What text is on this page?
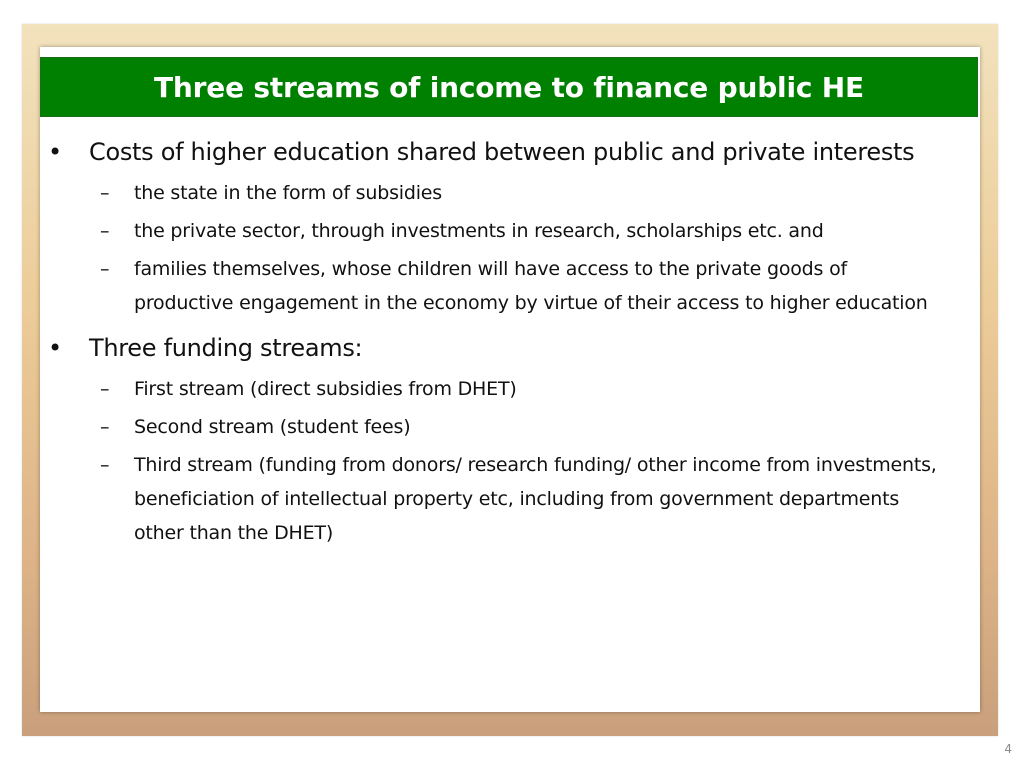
Three streams of income to finance public HE
• Costs of higher education shared between public and private interests
– the state in the form of subsidies
– the private sector, through investments in research, scholarships etc. and
– families themselves, whose children will have access to the private goods of productive engagement in the economy by virtue of their access to higher education
• Three funding streams:
– First stream (direct subsidies from DHET)
– Second stream (student fees)
– Third stream (funding from donors/ research funding/ other income from investments, beneficiation of intellectual property etc, including from government departments other than the DHET)
4
